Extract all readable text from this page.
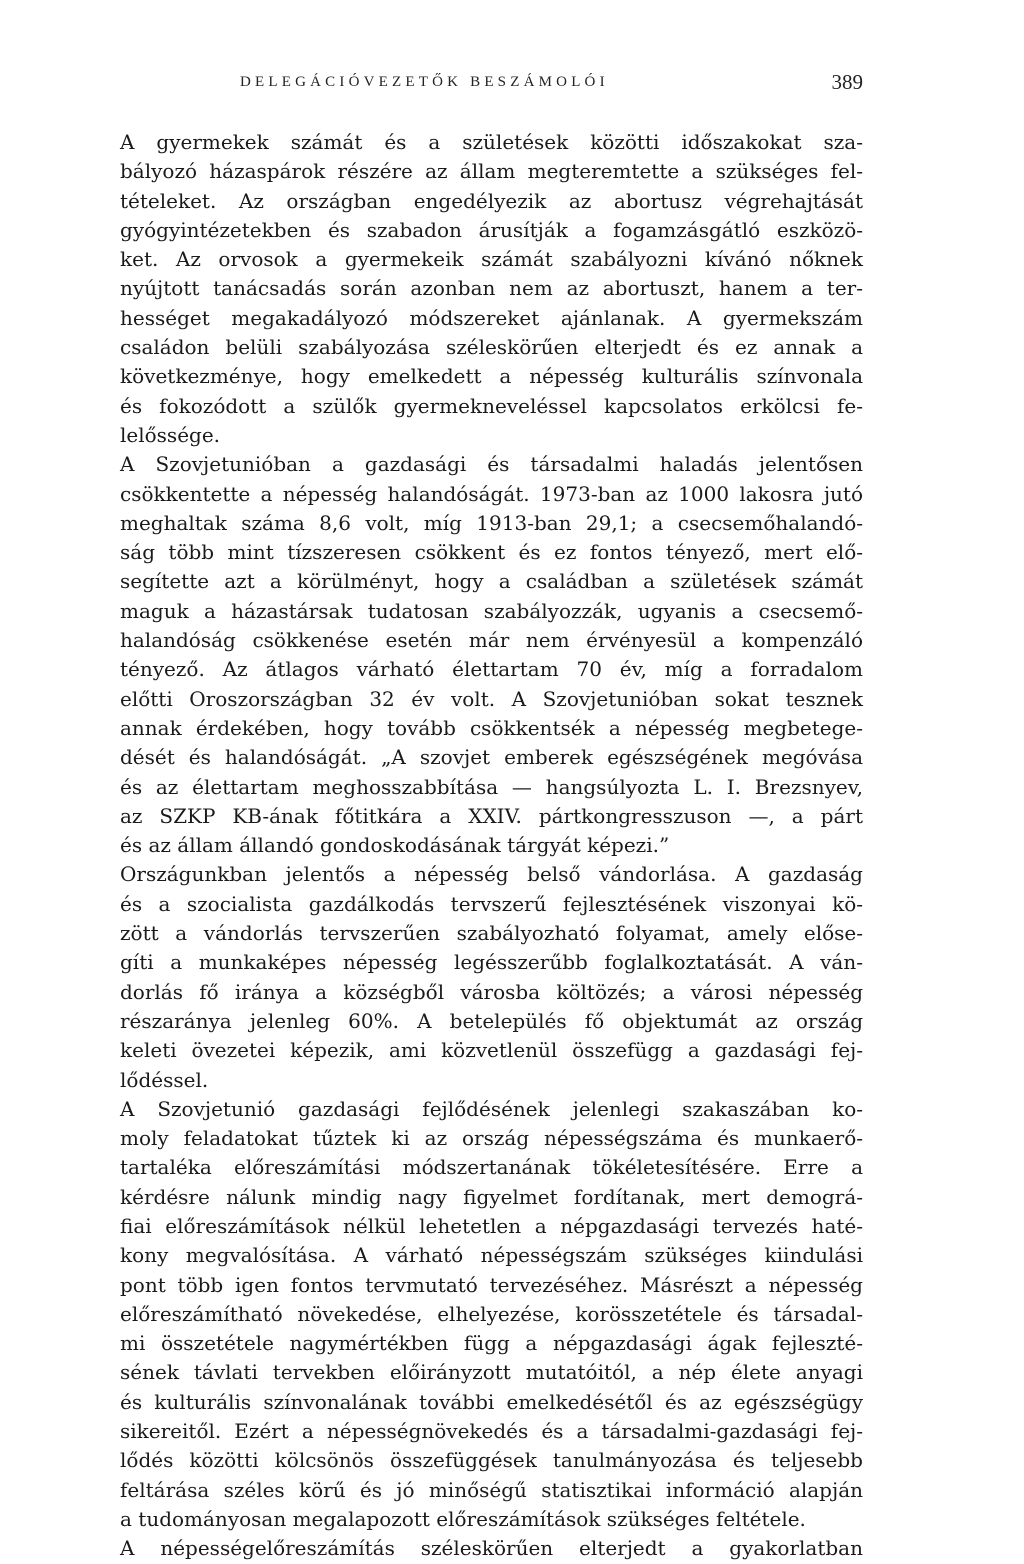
DELEGÁCIÓVEZETŐK BESZÁMOLÓI	389
A gyermekek számát és a születések közötti időszakokat sza-
bályozó házaspárok részére az állam megteremtette a szükséges fel-
tételeket. Az országban engedélyezik az abortusz végrehajtását
gyógyintézetekben és szabadon árusítják a fogamzásgátló eszközö-
ket. Az orvosok a gyermekeik számát szabályozni kívánó nőknek
nyújtott tanácsadás során azonban nem az abortuszt, hanem a ter-
hességet megakadályozó módszereket ajánlanak. A gyermekszám
családon belüli szabályozása széleskörűen elterjedt és ez annak a
következménye, hogy emelkedett a népesség kulturális színvonala
és fokozódott a szülők gyermekneveléssel kapcsolatos erkölcsi fe-
lelőssége.
A Szovjetunióban a gazdasági és társadalmi haladás jelentősen
csökkentette a népesség halandóságát. 1973-ban az 1000 lakosra jutó
meghaltak száma 8,6 volt, míg 1913-ban 29,1; a csecsemőhalandó-
ság több mint tízszeresen csökkent és ez fontos tényező, mert elő-
segítette azt a körülményt, hogy a családban a születések számát
maguk a házastársak tudatosan szabályozzák, ugyanis a csecsemő-
halandóság csökkenése esetén már nem érvényesül a kompenzáló
tényező. Az átlagos várható élettartam 70 év, míg a forradalom
előtti Oroszországban 32 év volt. A Szovjetunióban sokat tesznek
annak érdekében, hogy tovább csökkentsék a népesség megbetege-
dését és halandóságát. „A szovjet emberek egészségének megóvása
és az élettartam meghosszabbítása — hangsúlyozta L. I. Brezsnyev,
az SZKP KB-ának főtitkára a XXIV. pártkongresszuson —, a párt
és az állam állandó gondoskodásának tárgyát képezi.”
Országunkban jelentős a népesség belső vándorlása. A gazdaság
és a szocialista gazdálkodás tervszerű fejlesztésének viszonyai kö-
zött a vándorlás tervszerűen szabályozható folyamat, amely előse-
gíti a munkaképes népesség legésszerűbb foglalkoztatását. A ván-
dorlás fő iránya a községből városba költözés; a városi népesség
részaránya jelenleg 60%. A betelepülés fő objektumát az ország
keleti övezetei képezik, ami közvetlenül összefügg a gazdasági fej-
lődéssel.
A Szovjetunió gazdasági fejlődésének jelenlegi szakaszában ko-
moly feladatokat tűztek ki az ország népességszáma és munkaerő-
tartaléka előreszámítási módszertanának tökéletesítésére. Erre a
kérdésre nálunk mindig nagy figyelmet fordítanak, mert demográ-
fiai előreszámítások nélkül lehetetlen a népgazdasági tervezés haté-
kony megvalósítása. A várható népességszám szükséges kiindulási
pont több igen fontos tervmutató tervezéséhez. Másrészt a népesség
előreszámítható növekedése, elhelyezése, korösszetétele és társadal-
mi összetétele nagymértékben függ a népgazdasági ágak fejleszté-
sének távlati tervekben előirányzott mutatóitól, a nép élete anyagi
és kulturális színvonalának további emelkedésétől és az egészségügy
sikereitől. Ezért a népességnövekedés és a társadalmi-gazdasági fej-
lődés közötti kölcsönös összefüggések tanulmányozása és teljesebb
feltárása széles körű és jó minőségű statisztikai információ alapján
a tudományosan megalapozott előreszámítások szükséges feltétele.
A népességelőreszámítás széleskörűen elterjedt a gyakorlatban
